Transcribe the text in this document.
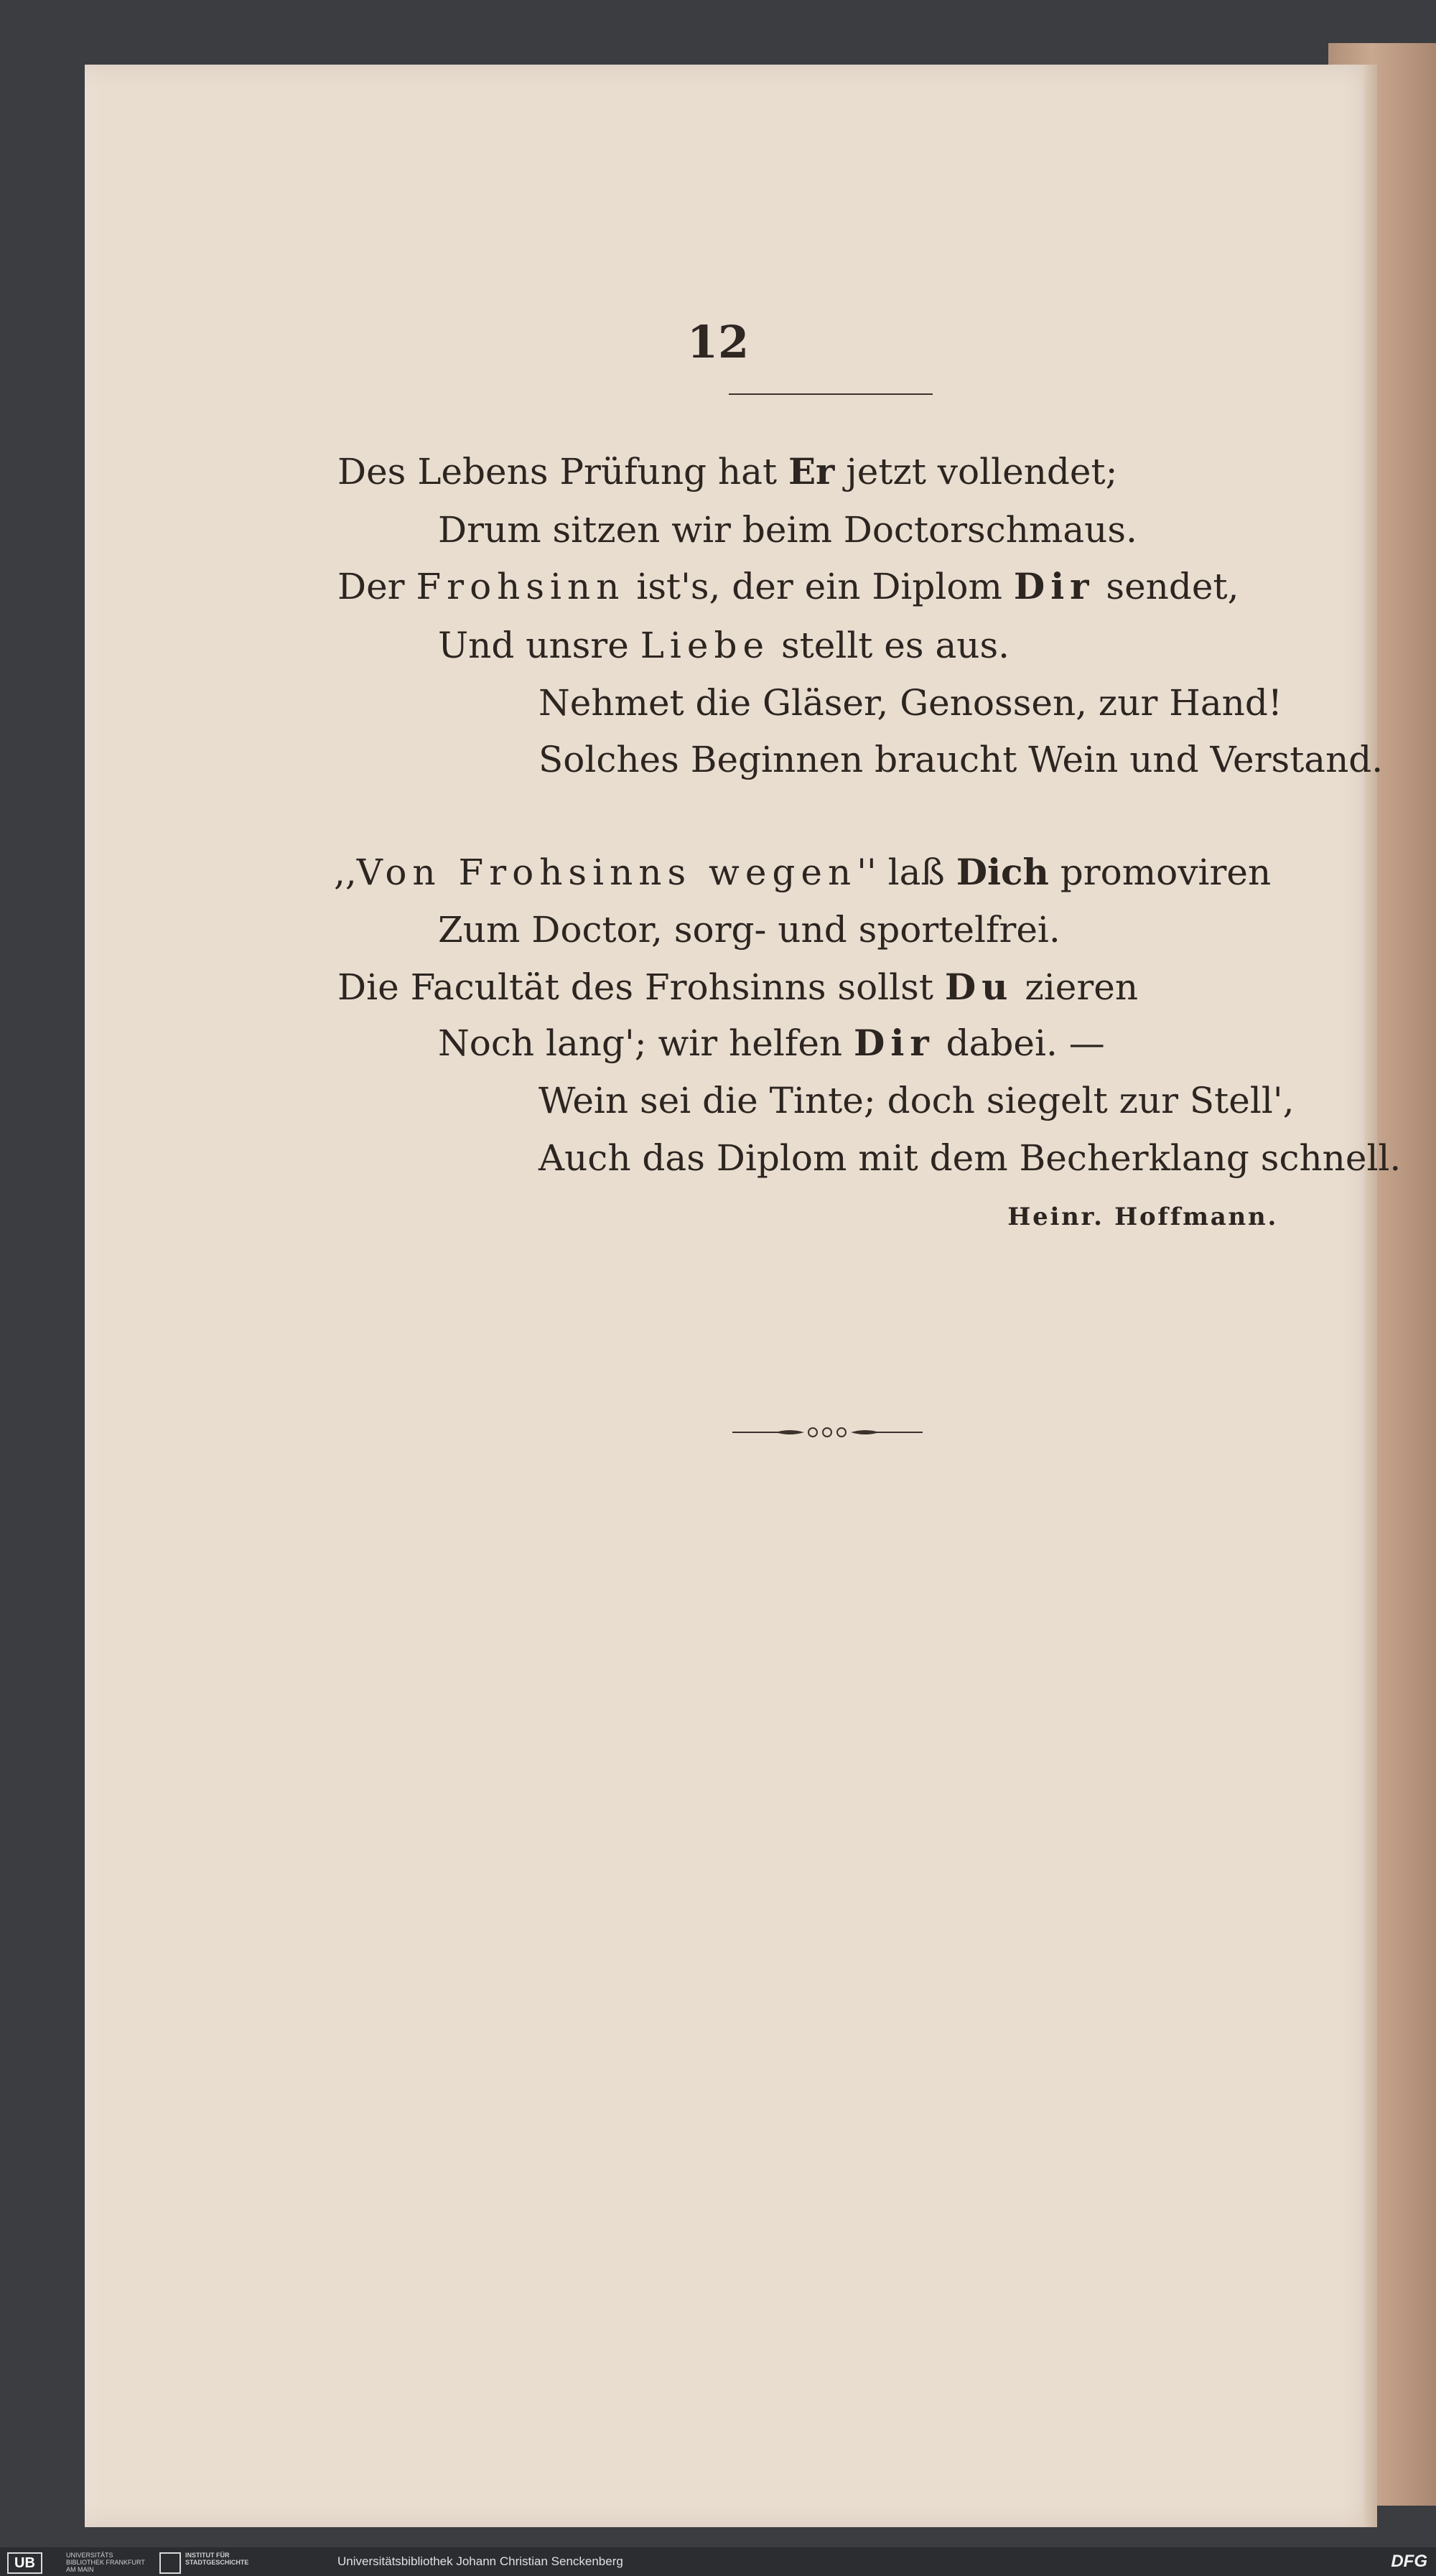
12
Des Lebens Prüfung hat Er jetzt vollendet;
Drum sitzen wir beim Doctorschmaus.
Der Frohsinn ist's, der ein Diplom Dir sendet,
Und unsre Liebe stellt es aus.
Nehmet die Gläser, Genossen, zur Hand!
Solches Beginnen braucht Wein und Verstand.
,,Von Frohsinns wegen'' laß Dich promoviren
Zum Doctor, sorg- und sportelfrei.
Die Facultät des Frohsinns sollst Du zieren
Noch lang'; wir helfen Dir dabei. —
Wein sei die Tinte; doch siegelt zur Stell',
Auch das Diplom mit dem Becherklang schnell.
Heinr. Hoffmann.
UB	UNIVERSITÄTS BIBLIOTHEK FRANKFURT AM MAIN
INSTITUT FÜR STADTGESCHICHTE	Universitätsbibliothek Johann Christian Senckenberg	DFG
